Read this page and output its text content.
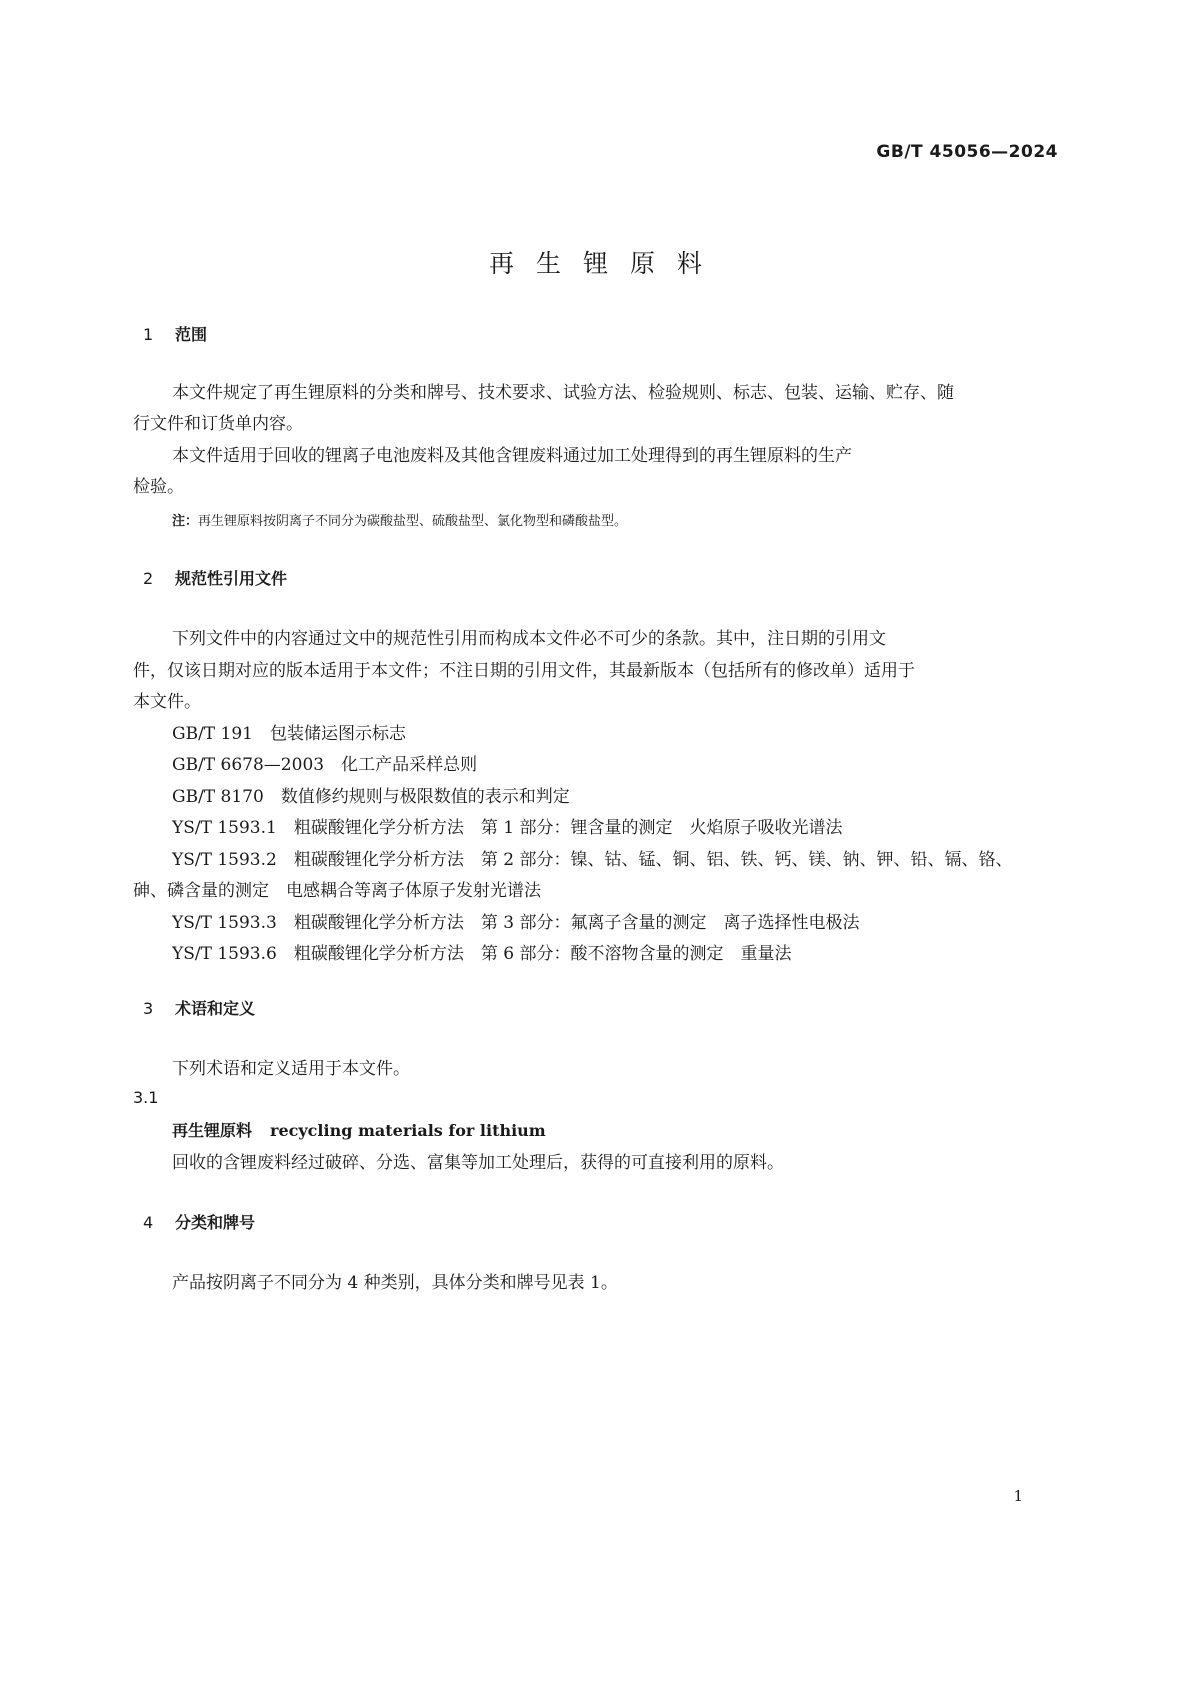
GB/T 45056—2024
再生锂原料
1 范围
本文件规定了再生锂原料的分类和牌号、技术要求、试验方法、检验规则、标志、包装、运输、贮存、随
行文件和订货单内容。
本文件适用于回收的锂离子电池废料及其他含锂废料通过加工处理得到的再生锂原料的生产
检验。
注：再生锂原料按阴离子不同分为碳酸盐型、硫酸盐型、氯化物型和磷酸盐型。
2 规范性引用文件
下列文件中的内容通过文中的规范性引用而构成本文件必不可少的条款。其中，注日期的引用文
件，仅该日期对应的版本适用于本文件；不注日期的引用文件，其最新版本（包括所有的修改单）适用于
本文件。
GB/T 191　 包装储运图示标志
GB/T 6678—2003　 化工产品采样总则
GB/T 8170　 数值修约规则与极限数值的表示和判定
YS/T 1593.1　 粗碳酸锂化学分析方法　第 1 部分：锂含量的测定　火焰原子吸收光谱法
YS/T 1593.2　 粗碳酸锂化学分析方法　第 2 部分：镍、钴、锰、铜、铝、铁、钙、镁、钠、钾、铅、镉、铬、
砷、磷含量的测定　电感耦合等离子体原子发射光谱法
YS/T 1593.3　 粗碳酸锂化学分析方法　第 3 部分：氟离子含量的测定　离子选择性电极法
YS/T 1593.6　 粗碳酸锂化学分析方法　第 6 部分：酸不溶物含量的测定　重量法
3 术语和定义
下列术语和定义适用于本文件。
3.1
再生锂原料 recycling materials for lithium
回收的含锂废料经过破碎、分选、富集等加工处理后，获得的可直接利用的原料。
4 分类和牌号
产品按阴离子不同分为 4 种类别，具体分类和牌号见表 1。
1
